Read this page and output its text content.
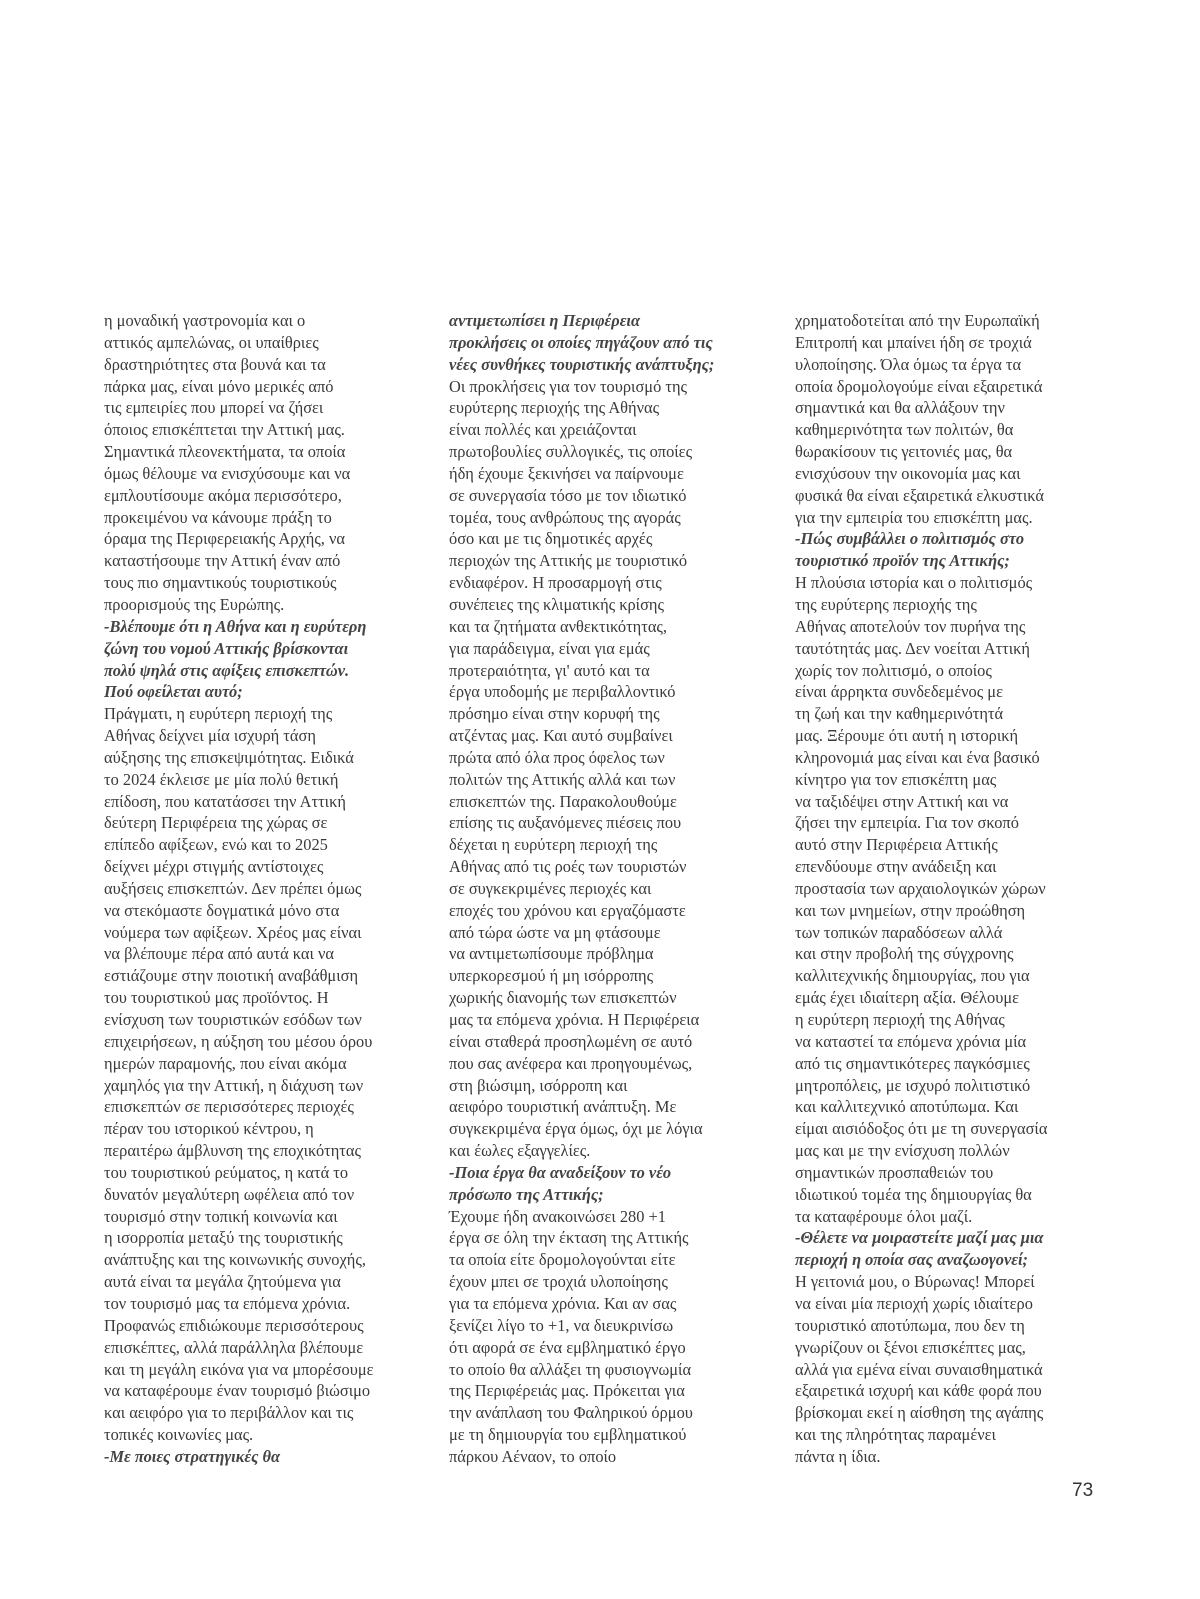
η μοναδική γαστρονομία και ο
αττικός αμπελώνας, οι υπαίθριες
δραστηριότητες στα βουνά και τα
πάρκα μας, είναι μόνο μερικές από
τις εμπειρίες που μπορεί να ζήσει
όποιος επισκέπτεται την Αττική μας.
Σημαντικά πλεονεκτήματα, τα οποία
όμως θέλουμε να ενισχύσουμε και να
εμπλουτίσουμε ακόμα περισσότερο,
προκειμένου να κάνουμε πράξη το
όραμα της Περιφερειακής Αρχής, να
καταστήσουμε την Αττική έναν από
τους πιο σημαντικούς τουριστικούς
προορισμούς της Ευρώπης.
-Βλέπουμε ότι η Αθήνα και η ευρύτερη
ζώνη του νομού Αττικής βρίσκονται
πολύ ψηλά στις αφίξεις επισκεπτών.
Πού οφείλεται αυτό;
Πράγματι, η ευρύτερη περιοχή της
Αθήνας δείχνει μία ισχυρή τάση
αύξησης της επισκεψιμότητας. Ειδικά
το 2024 έκλεισε με μία πολύ θετική
επίδοση, που κατατάσσει την Αττική
δεύτερη Περιφέρεια της χώρας σε
επίπεδο αφίξεων, ενώ και το 2025
δείχνει μέχρι στιγμής αντίστοιχες
αυξήσεις επισκεπτών. Δεν πρέπει όμως
να στεκόμαστε δογματικά μόνο στα
νούμερα των αφίξεων. Χρέος μας είναι
να βλέπουμε πέρα από αυτά και να
εστιάζουμε στην ποιοτική αναβάθμιση
του τουριστικού μας προϊόντος. Η
ενίσχυση των τουριστικών εσόδων των
επιχειρήσεων, η αύξηση του μέσου όρου
ημερών παραμονής, που είναι ακόμα
χαμηλός για την Αττική, η διάχυση των
επισκεπτών σε περισσότερες περιοχές
πέραν του ιστορικού κέντρου, η
περαιτέρω άμβλυνση της εποχικότητας
του τουριστικού ρεύματος, η κατά το
δυνατόν μεγαλύτερη ωφέλεια από τον
τουρισμό στην τοπική κοινωνία και
η ισορροπία μεταξύ της τουριστικής
ανάπτυξης και της κοινωνικής συνοχής,
αυτά είναι τα μεγάλα ζητούμενα για
τον τουρισμό μας τα επόμενα χρόνια.
Προφανώς επιδιώκουμε περισσότερους
επισκέπτες, αλλά παράλληλα βλέπουμε
και τη μεγάλη εικόνα για να μπορέσουμε
να καταφέρουμε έναν τουρισμό βιώσιμο
και αειφόρο για το περιβάλλον και τις
τοπικές κοινωνίες μας.
-Με ποιες στρατηγικές θα
αντιμετωπίσει η Περιφέρεια
προκλήσεις οι οποίες πηγάζουν από τις
νέες συνθήκες τουριστικής ανάπτυξης;
Οι προκλήσεις για τον τουρισμό της
ευρύτερης περιοχής της Αθήνας
είναι πολλές και χρειάζονται
πρωτοβουλίες συλλογικές, τις οποίες
ήδη έχουμε ξεκινήσει να παίρνουμε
σε συνεργασία τόσο με τον ιδιωτικό
τομέα, τους ανθρώπους της αγοράς
όσο και με τις δημοτικές αρχές
περιοχών της Αττικής με τουριστικό
ενδιαφέρον. Η προσαρμογή στις
συνέπειες της κλιματικής κρίσης
και τα ζητήματα ανθεκτικότητας,
για παράδειγμα, είναι για εμάς
προτεραιότητα, γι' αυτό και τα
έργα υποδομής με περιβαλλοντικό
πρόσημο είναι στην κορυφή της
ατζέντας μας. Και αυτό συμβαίνει
πρώτα από όλα προς όφελος των
πολιτών της Αττικής αλλά και των
επισκεπτών της. Παρακολουθούμε
επίσης τις αυξανόμενες πιέσεις που
δέχεται η ευρύτερη περιοχή της
Αθήνας από τις ροές των τουριστών
σε συγκεκριμένες περιοχές και
εποχές του χρόνου και εργαζόμαστε
από τώρα ώστε να μη φτάσουμε
να αντιμετωπίσουμε πρόβλημα
υπερκορεσμού ή μη ισόρροπης
χωρικής διανομής των επισκεπτών
μας τα επόμενα χρόνια. Η Περιφέρεια
είναι σταθερά προσηλωμένη σε αυτό
που σας ανέφερα και προηγουμένως,
στη βιώσιμη, ισόρροπη και
αειφόρο τουριστική ανάπτυξη. Με
συγκεκριμένα έργα όμως, όχι με λόγια
και έωλες εξαγγελίες.
-Ποια έργα θα αναδείξουν το νέο
πρόσωπο της Αττικής;
Έχουμε ήδη ανακοινώσει 280 +1
έργα σε όλη την έκταση της Αττικής
τα οποία είτε δρομολογούνται είτε
έχουν μπει σε τροχιά υλοποίησης
για τα επόμενα χρόνια. Και αν σας
ξενίζει λίγο το +1, να διευκρινίσω
ότι αφορά σε ένα εμβληματικό έργο
το οποίο θα αλλάξει τη φυσιογνωμία
της Περιφέρειάς μας. Πρόκειται για
την ανάπλαση του Φαληρικού όρμου
με τη δημιουργία του εμβληματικού
πάρκου Αέναον, το οποίο
χρηματοδοτείται από την Ευρωπαϊκή
Επιτροπή και μπαίνει ήδη σε τροχιά
υλοποίησης. Όλα όμως τα έργα τα
οποία δρομολογούμε είναι εξαιρετικά
σημαντικά και θα αλλάξουν την
καθημερινότητα των πολιτών, θα
θωρακίσουν τις γειτονιές μας, θα
ενισχύσουν την οικονομία μας και
φυσικά θα είναι εξαιρετικά ελκυστικά
για την εμπειρία του επισκέπτη μας.
-Πώς συμβάλλει ο πολιτισμός στο
τουριστικό προϊόν της Αττικής;
Η πλούσια ιστορία και ο πολιτισμός
της ευρύτερης περιοχής της
Αθήνας αποτελούν τον πυρήνα της
ταυτότητάς μας. Δεν νοείται Αττική
χωρίς τον πολιτισμό, ο οποίος
είναι άρρηκτα συνδεδεμένος με
τη ζωή και την καθημερινότητά
μας. Ξέρουμε ότι αυτή η ιστορική
κληρονομιά μας είναι και ένα βασικό
κίνητρο για τον επισκέπτη μας
να ταξιδέψει στην Αττική και να
ζήσει την εμπειρία. Για τον σκοπό
αυτό στην Περιφέρεια Αττικής
επενδύουμε στην ανάδειξη και
προστασία των αρχαιολογικών χώρων
και των μνημείων, στην προώθηση
των τοπικών παραδόσεων αλλά
και στην προβολή της σύγχρονης
καλλιτεχνικής δημιουργίας, που για
εμάς έχει ιδιαίτερη αξία. Θέλουμε
η ευρύτερη περιοχή της Αθήνας
να καταστεί τα επόμενα χρόνια μία
από τις σημαντικότερες παγκόσμιες
μητροπόλεις, με ισχυρό πολιτιστικό
και καλλιτεχνικό αποτύπωμα. Και
είμαι αισιόδοξος ότι με τη συνεργασία
μας και με την ενίσχυση πολλών
σημαντικών προσπαθειών του
ιδιωτικού τομέα της δημιουργίας θα
τα καταφέρουμε όλοι μαζί.
-Θέλετε να μοιραστείτε μαζί μας μια
περιοχή η οποία σας αναζωογονεί;
Η γειτονιά μου, ο Βύρωνας! Μπορεί
να είναι μία περιοχή χωρίς ιδιαίτερο
τουριστικό αποτύπωμα, που δεν τη
γνωρίζουν οι ξένοι επισκέπτες μας,
αλλά για εμένα είναι συναισθηματικά
εξαιρετικά ισχυρή και κάθε φορά που
βρίσκομαι εκεί η αίσθηση της αγάπης
και της πληρότητας παραμένει
πάντα η ίδια.
73
